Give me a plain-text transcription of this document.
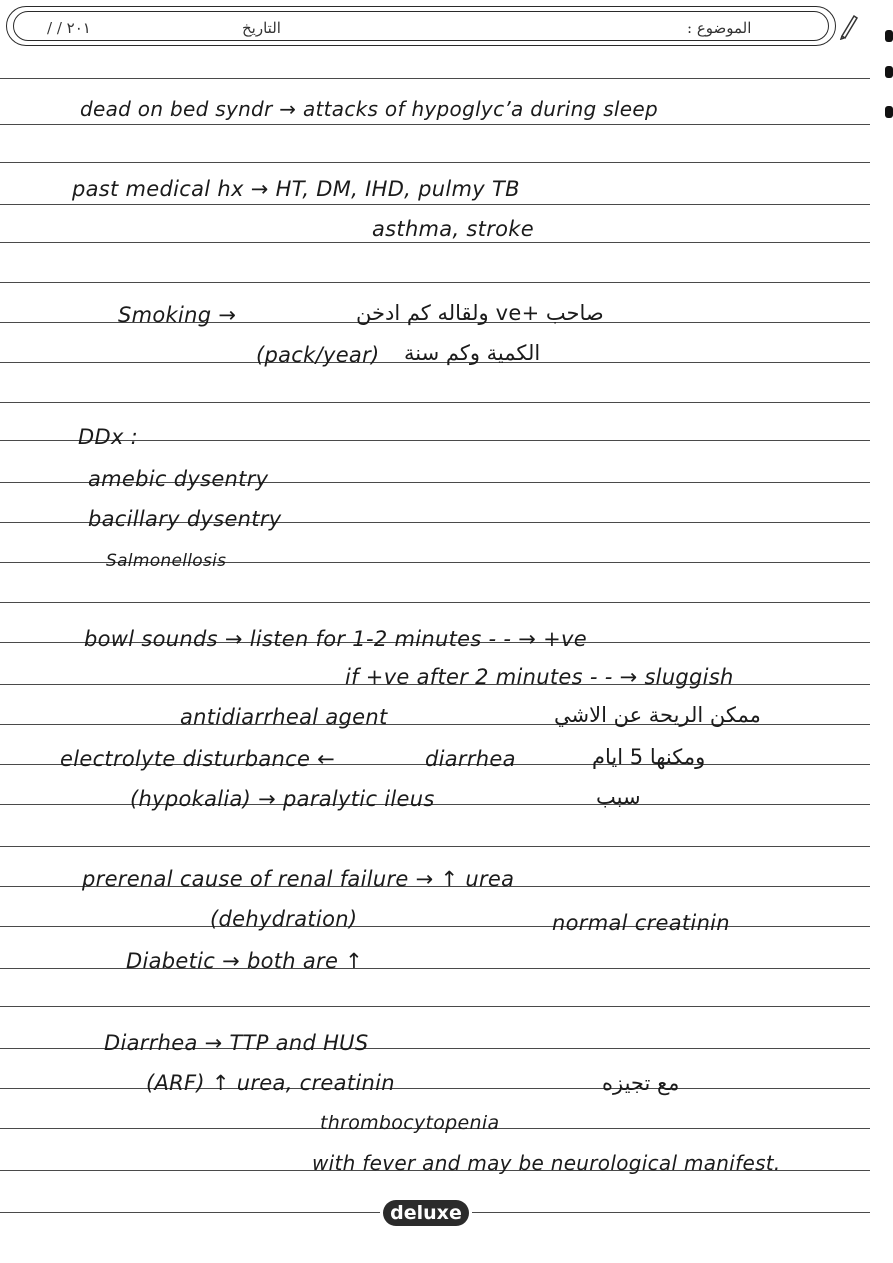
/ / ٢٠١	التاريخ	الموضوع :
dead on bed syndr → attacks of hypoglyc’a during sleep
past medical hx → HT, DM, IHD, pulmy TB
asthma, stroke
Smoking →	صاحب +ve ولقاله كم ادخن
(pack/year) الكمية وكم سنة
DDx :
amebic dysentry
bacillary dysentry
Salmonellosis
bowl sounds → listen for 1-2 minutes - - → +ve
if +ve after 2 minutes - - → sluggish
antidiarrheal agent	ممكن الريحة عن الاشي
electrolyte disturbance ←	diarrhea	ومكنها 5 ايام
(hypokalia) → paralytic ileus	سبب
prerenal cause of renal failure → ↑ urea
(dehydration)	normal creatinin
Diabetic → both are ↑
Diarrhea → TTP and HUS
(ARF) ↑ urea, creatinin	مع تجيزه
thrombocytopenia
with fever and may be neurological manifest.
deluxe
